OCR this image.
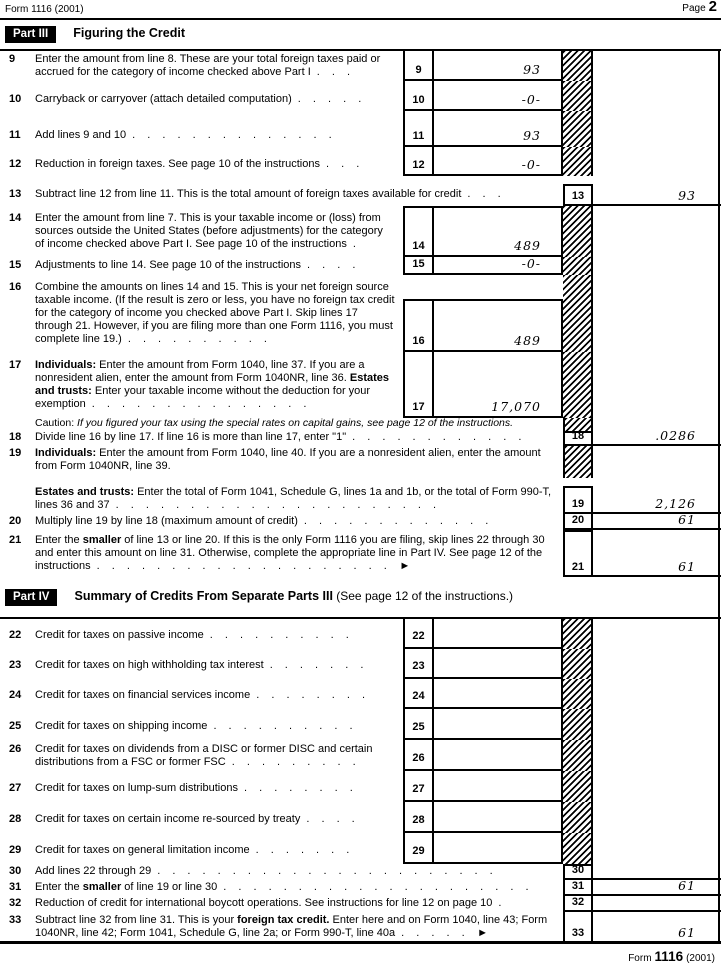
Form 1116 (2001)	Page 2
Part III Figuring the Credit
9 Enter the amount from line 8. These are your total foreign taxes paid or accrued for the category of income checked above Part I . . .	9	93
10 Carryback or carryover (attach detailed computation) . . . . .	10	-0-
11 Add lines 9 and 10 . . . . . . . . . . . . . .	11	93
12 Reduction in foreign taxes. See page 10 of the instructions . . .	12	-0-
13 Subtract line 12 from line 11. This is the total amount of foreign taxes available for credit . . .	13	93
14 Enter the amount from line 7. This is your taxable income or (loss) from sources outside the United States (before adjustments) for the category of income checked above Part I. See page 10 of the instructions .	14	489
15 Adjustments to line 14. See page 10 of the instructions . . . .	15	-0-
16 Combine the amounts on lines 14 and 15. This is your net foreign source taxable income. (If the result is zero or less, you have no foreign tax credit for the category of income you checked above Part I. Skip lines 17 through 21. However, if you are filing more than one Form 1116, you must complete line 19.) . . . . . . . . . .	16	489
17 Individuals: Enter the amount from Form 1040, line 37. If you are a nonresident alien, enter the amount from Form 1040NR, line 36. Estates and trusts: Enter your taxable income without the deduction for your exemption . . . . . . . . . . . . . . .	17	17,070
Caution: If you figured your tax using the special rates on capital gains, see page 12 of the instructions.
18 Divide line 16 by line 17. If line 16 is more than line 17, enter "1" . . . . . . . . . . . .	18	.0286
19 Individuals: Enter the amount from Form 1040, line 40. If you are a nonresident alien, enter the amount from Form 1040NR, line 39.
Estates and trusts: Enter the total of Form 1041, Schedule G, lines 1a and 1b, or the total of Form 990-T, lines 36 and 37 . . . . . . . . . . . . . . . . . . . . . .	19	2,126
20 Multiply line 19 by line 18 (maximum amount of credit) . . . . . . . . . . . . .	20	61
21 Enter the smaller of line 13 or line 20. If this is the only Form 1116 you are filing, skip lines 22 through 30 and enter this amount on line 31. Otherwise, complete the appropriate line in Part IV. See page 12 of the instructions . . . . . . . . . . . . . . . . . . . . ►	21	61
Part IV Summary of Credits From Separate Parts III (See page 12 of the instructions.)
22 Credit for taxes on passive income . . . . . . . . . .	22
23 Credit for taxes on high withholding tax interest . . . . . . .	23
24 Credit for taxes on financial services income . . . . . . . .	24
25 Credit for taxes on shipping income . . . . . . . . . .	25
26 Credit for taxes on dividends from a DISC or former DISC and certain distributions from a FSC or former FSC . . . . . . . . .	26
27 Credit for taxes on lump-sum distributions . . . . . . . .	27
28 Credit for taxes on certain income re-sourced by treaty . . . .	28
29 Credit for taxes on general limitation income . . . . . . .	29
30 Add lines 22 through 29 . . . . . . . . . . . . . . . . . . . . . . .	30
31 Enter the smaller of line 19 or line 30 . . . . . . . . . . . . . . . . . . . . .	31	61
32 Reduction of credit for international boycott operations. See instructions for line 12 on page 10 .	32
33 Subtract line 32 from line 31. This is your foreign tax credit. Enter here and on Form 1040, line 43; Form 1040NR, line 42; Form 1041, Schedule G, line 2a; or Form 990-T, line 40a . . . . . ►	33	61
Form 1116 (2001)
